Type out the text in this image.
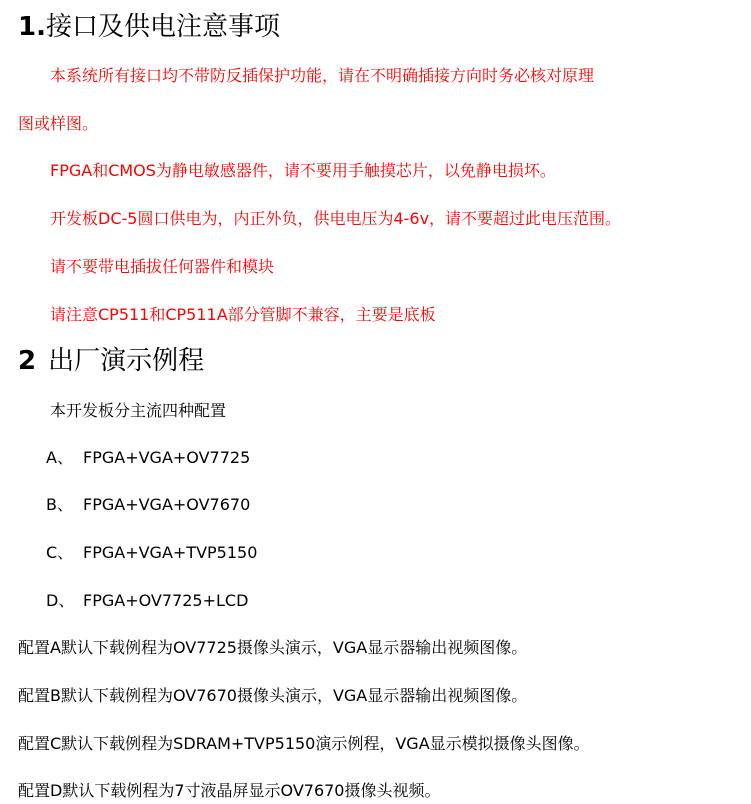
1.接口及供电注意事项
本系统所有接口均不带防反插保护功能，请在不明确插接方向时务必核对原理
图或样图。
FPGA和CMOS为静电敏感器件，请不要用手触摸芯片，以免静电损坏。
开发板DC-5圆口供电为，内正外负，供电电压为4-6v，请不要超过此电压范围。
请不要带电插拔任何器件和模块
请注意CP511和CP511A部分管脚不兼容，主要是底板
2 出厂演示例程
本开发板分主流四种配置
A、 FPGA+VGA+OV7725
B、 FPGA+VGA+OV7670
C、 FPGA+VGA+TVP5150
D、 FPGA+OV7725+LCD
配置A默认下载例程为OV7725摄像头演示，VGA显示器输出视频图像。
配置B默认下载例程为OV7670摄像头演示，VGA显示器输出视频图像。
配置C默认下载例程为SDRAM+TVP5150演示例程，VGA显示模拟摄像头图像。
配置D默认下载例程为7寸液晶屏显示OV7670摄像头视频。
